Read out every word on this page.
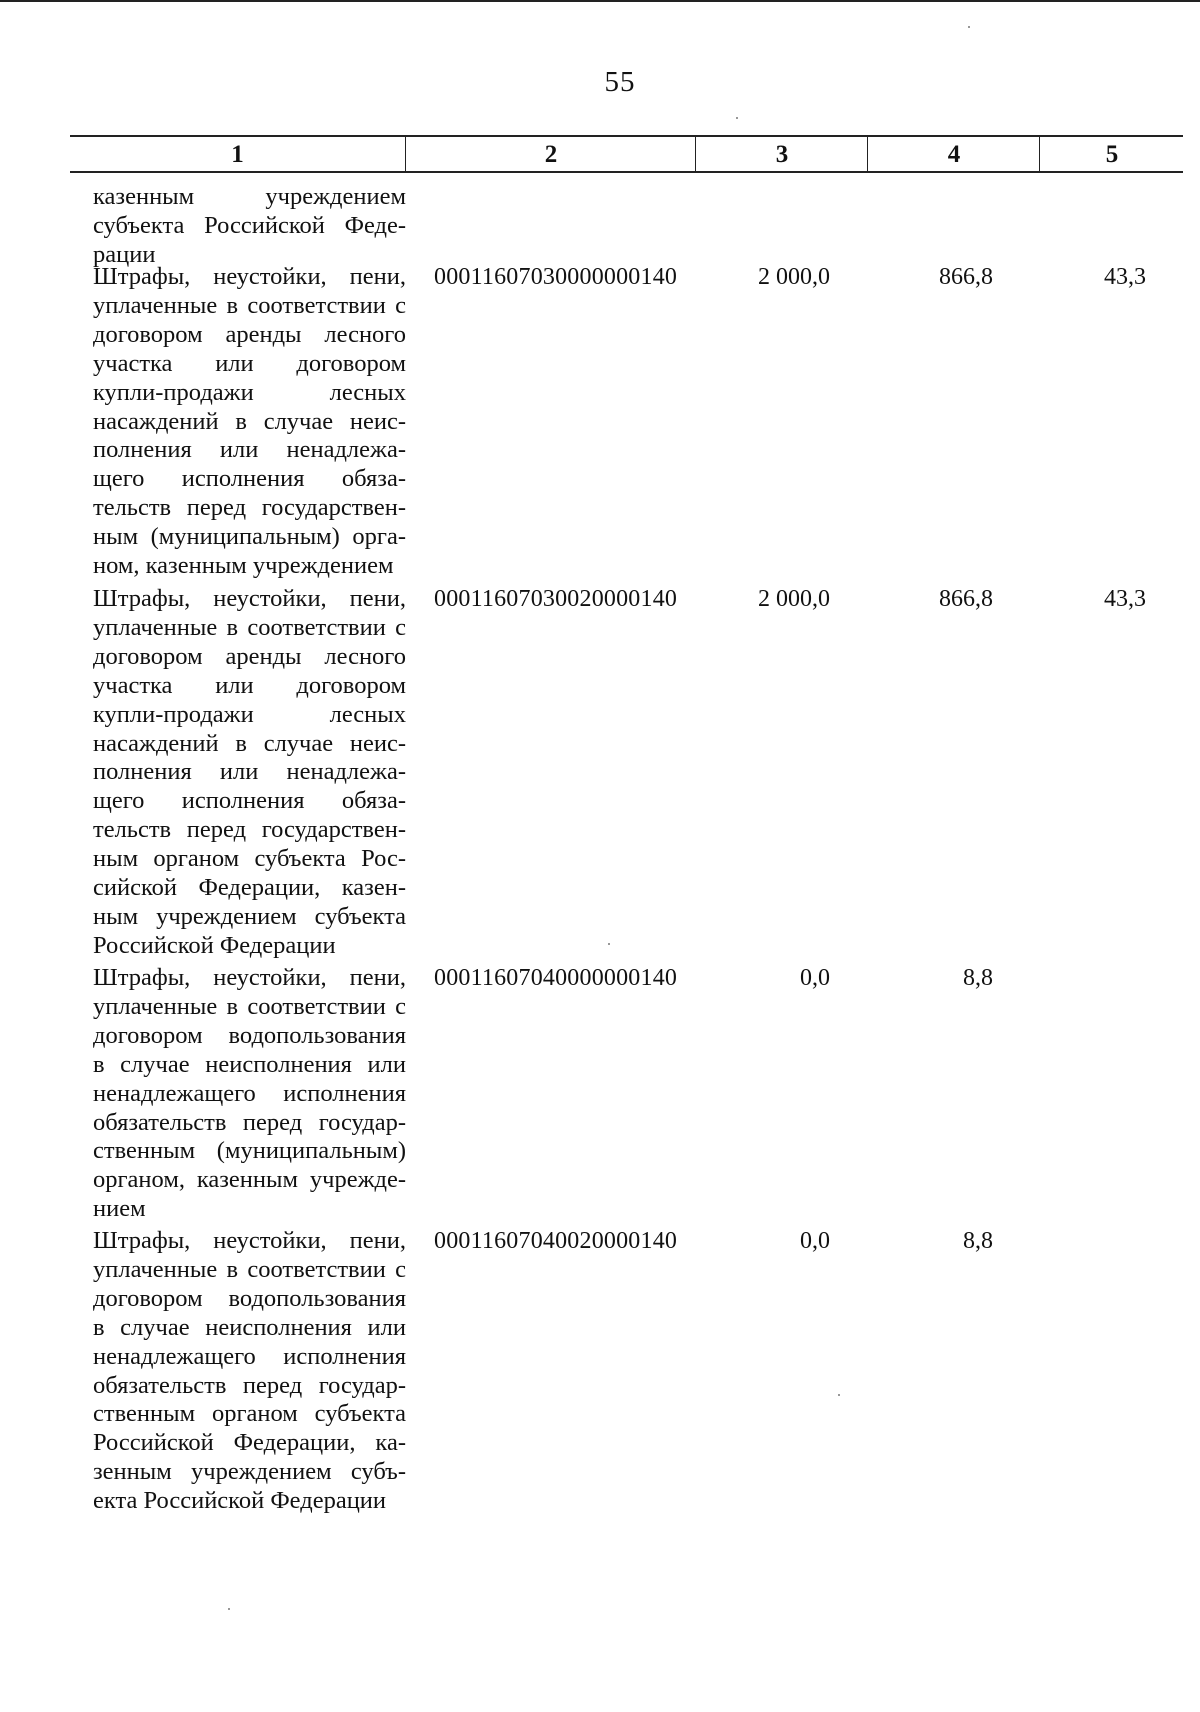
55
1	2	3	4	5
казенным учреждением
субъекта Российской Феде-
рации
Штрафы, неустойки, пени,
уплаченные в соответствии с
договором аренды лесного
участка или договором
купли-продажи лесных
насаждений в случае неис-
полнения или ненадлежа-
щего исполнения обяза-
тельств перед государствен-
ным (муниципальным) орга-
ном, казенным учреждением
00011607030000000140	2 000,0	866,8	43,3
Штрафы, неустойки, пени,
уплаченные в соответствии с
договором аренды лесного
участка или договором
купли-продажи лесных
насаждений в случае неис-
полнения или ненадлежа-
щего исполнения обяза-
тельств перед государствен-
ным органом субъекта Рос-
сийской Федерации, казен-
ным учреждением субъекта
Российской Федерации
00011607030020000140	2 000,0	866,8	43,3
Штрафы, неустойки, пени,
уплаченные в соответствии с
договором водопользования
в случае неисполнения или
ненадлежащего исполнения
обязательств перед государ-
ственным (муниципальным)
органом, казенным учрежде-
нием
00011607040000000140	0,0	8,8
Штрафы, неустойки, пени,
уплаченные в соответствии с
договором водопользования
в случае неисполнения или
ненадлежащего исполнения
обязательств перед государ-
ственным органом субъекта
Российской Федерации, ка-
зенным учреждением субъ-
екта Российской Федерации
00011607040020000140	0,0	8,8
